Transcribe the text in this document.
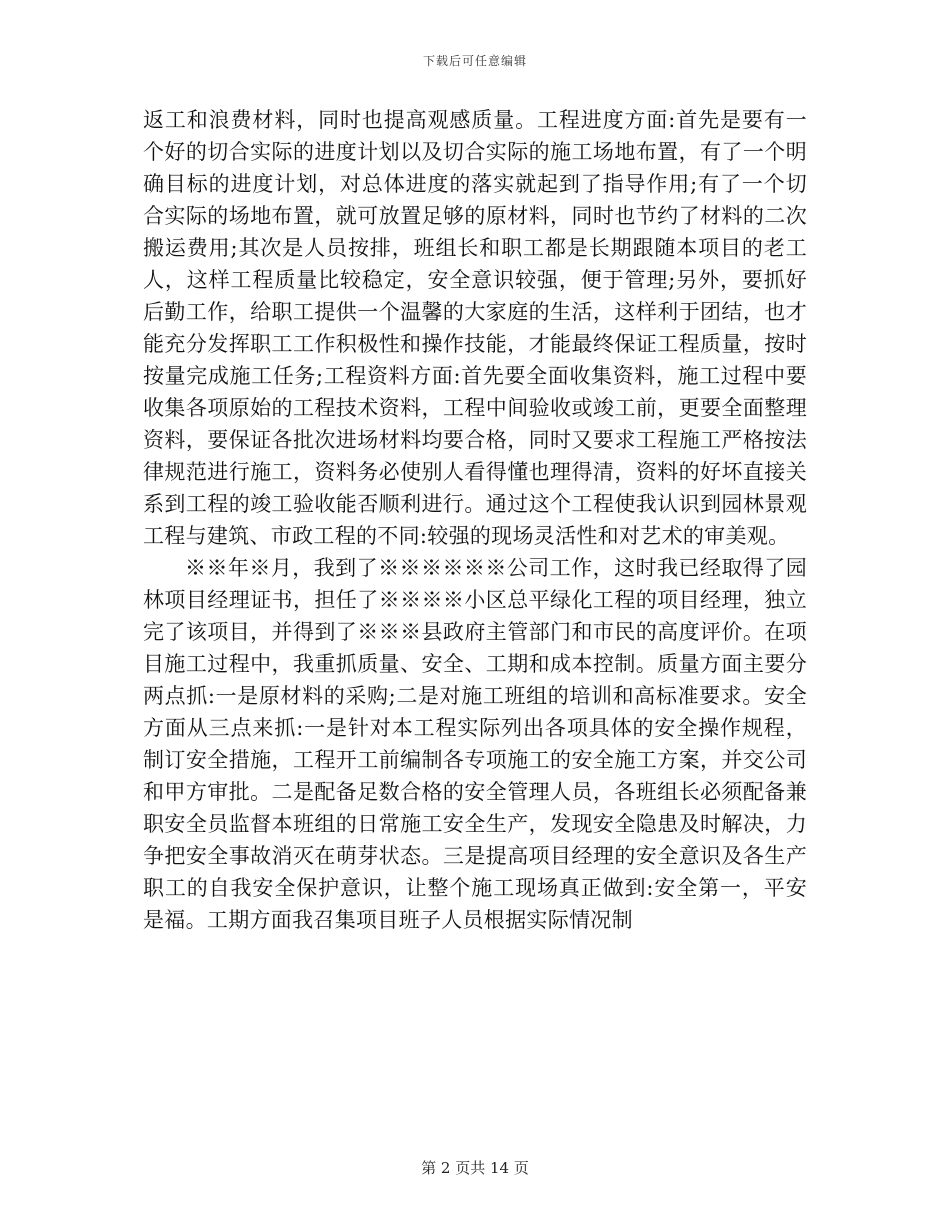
下载后可任意编辑

返工和浪费材料，同时也提高观感质量。工程进度方面:首先是要有一个好的切合实际的进度计划以及切合实际的施工场地布置，有了一个明确目标的进度计划，对总体进度的落实就起到了指导作用;有了一个切合实际的场地布置，就可放置足够的原材料，同时也节约了材料的二次搬运费用;其次是人员按排，班组长和职工都是长期跟随本项目的老工人，这样工程质量比较稳定，安全意识较强，便于管理;另外，要抓好后勤工作，给职工提供一个温馨的大家庭的生活，这样利于团结，也才能充分发挥职工工作积极性和操作技能，才能最终保证工程质量，按时按量完成施工任务;工程资料方面:首先要全面收集资料，施工过程中要收集各项原始的工程技术资料，工程中间验收或竣工前，更要全面整理资料，要保证各批次进场材料均要合格，同时又要求工程施工严格按法律规范进行施工，资料务必使别人看得懂也理得清，资料的好坏直接关系到工程的竣工验收能否顺利进行。通过这个工程使我认识到园林景观工程与建筑、市政工程的不同:较强的现场灵活性和对艺术的审美观。

※※年※月，我到了※※※※※※公司工作，这时我已经取得了园林项目经理证书，担任了※※※※小区总平绿化工程的项目经理，独立完了该项目，并得到了※※※县政府主管部门和市民的高度评价。在项目施工过程中，我重抓质量、安全、工期和成本控制。质量方面主要分两点抓:一是原材料的采购;二是对施工班组的培训和高标准要求。安全方面从三点来抓:一是针对本工程实际列出各项具体的安全操作规程，制订安全措施，工程开工前编制各专项施工的安全施工方案，并交公司和甲方审批。二是配备足数合格的安全管理人员，各班组长必须配备兼职安全员监督本班组的日常施工安全生产，发现安全隐患及时解决，力争把安全事故消灭在萌芽状态。三是提高项目经理的安全意识及各生产职工的自我安全保护意识，让整个施工现场真正做到:安全第一，平安是福。工期方面我召集项目班子人员根据实际情况制

第 2 页共 14 页
